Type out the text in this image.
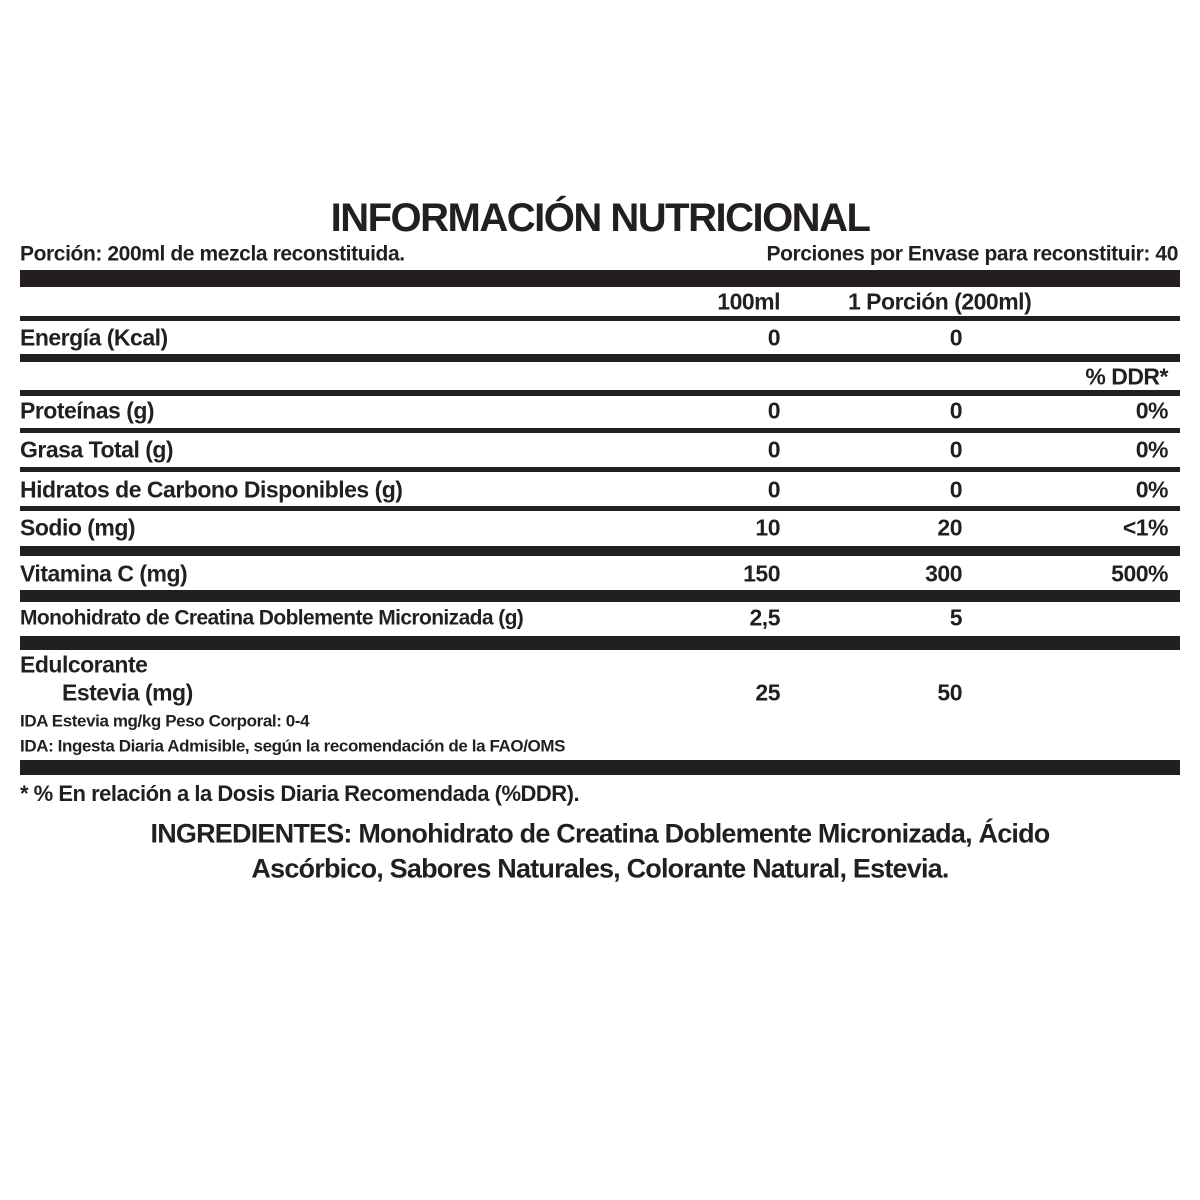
INFORMACIÓN NUTRICIONAL
Porción: 200ml de mezcla reconstituida.	Porciones por Envase para reconstituir: 40
100ml	1 Porción (200ml)
Energía (Kcal)	0	0
% DDR*
Proteínas (g)	0	0	0%
Grasa Total (g)	0	0	0%
Hidratos de Carbono Disponibles (g)	0	0	0%
Sodio (mg)	10	20	<1%
Vitamina C (mg)	150	300	500%
Monohidrato de Creatina Doblemente Micronizada (g)	2,5	5
Edulcorante
Estevia (mg)	25	50
IDA Estevia mg/kg Peso Corporal: 0-4
IDA: Ingesta Diaria Admisible, según la recomendación de la FAO/OMS
* % En relación a la Dosis Diaria Recomendada (%DDR).
INGREDIENTES: Monohidrato de Creatina Doblemente Micronizada, Ácido
Ascórbico, Sabores Naturales, Colorante Natural, Estevia.
